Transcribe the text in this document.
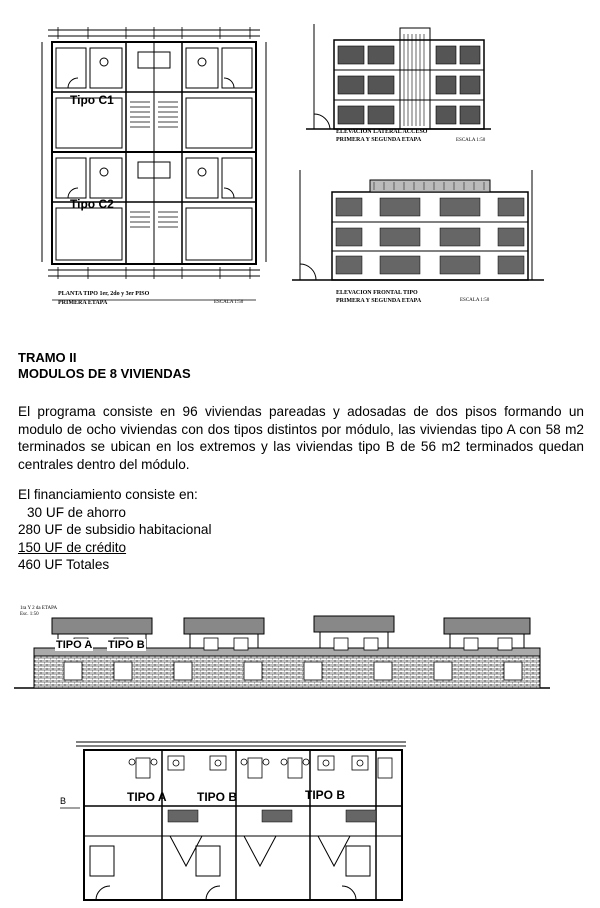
Tipo C1
Tipo C2
PLANTA TIPO 1er, 2do y 3er PISO
PRIMERA ETAPA	ESCALA 1:50
ELEVACION LATERAL ACCESO
PRIMERA Y SEGUNDA ETAPA	ESCALA 1:50
ELEVACION FRONTAL TIPO
PRIMERA Y SEGUNDA ETAPA	ESCALA 1:50
TRAMO II
MODULOS DE 8 VIVIENDAS
El programa consiste en 96 viviendas pareadas y adosadas de dos pisos formando un modulo de ocho viviendas con dos tipos distintos por módulo, las viviendas tipo A con 58 m2 terminados se ubican en los extremos y las viviendas tipo B de 56 m2 terminados quedan centrales dentro del módulo.
El financiamiento consiste en:
30 UF de ahorro
280 UF de subsidio habitacional
150 UF de crédito
460 UF Totales
1ra Y 2 da ETAPA
Esc. 1:50
TIPO A TIPO B
B	TIPO A	TIPO B	TIPO B
